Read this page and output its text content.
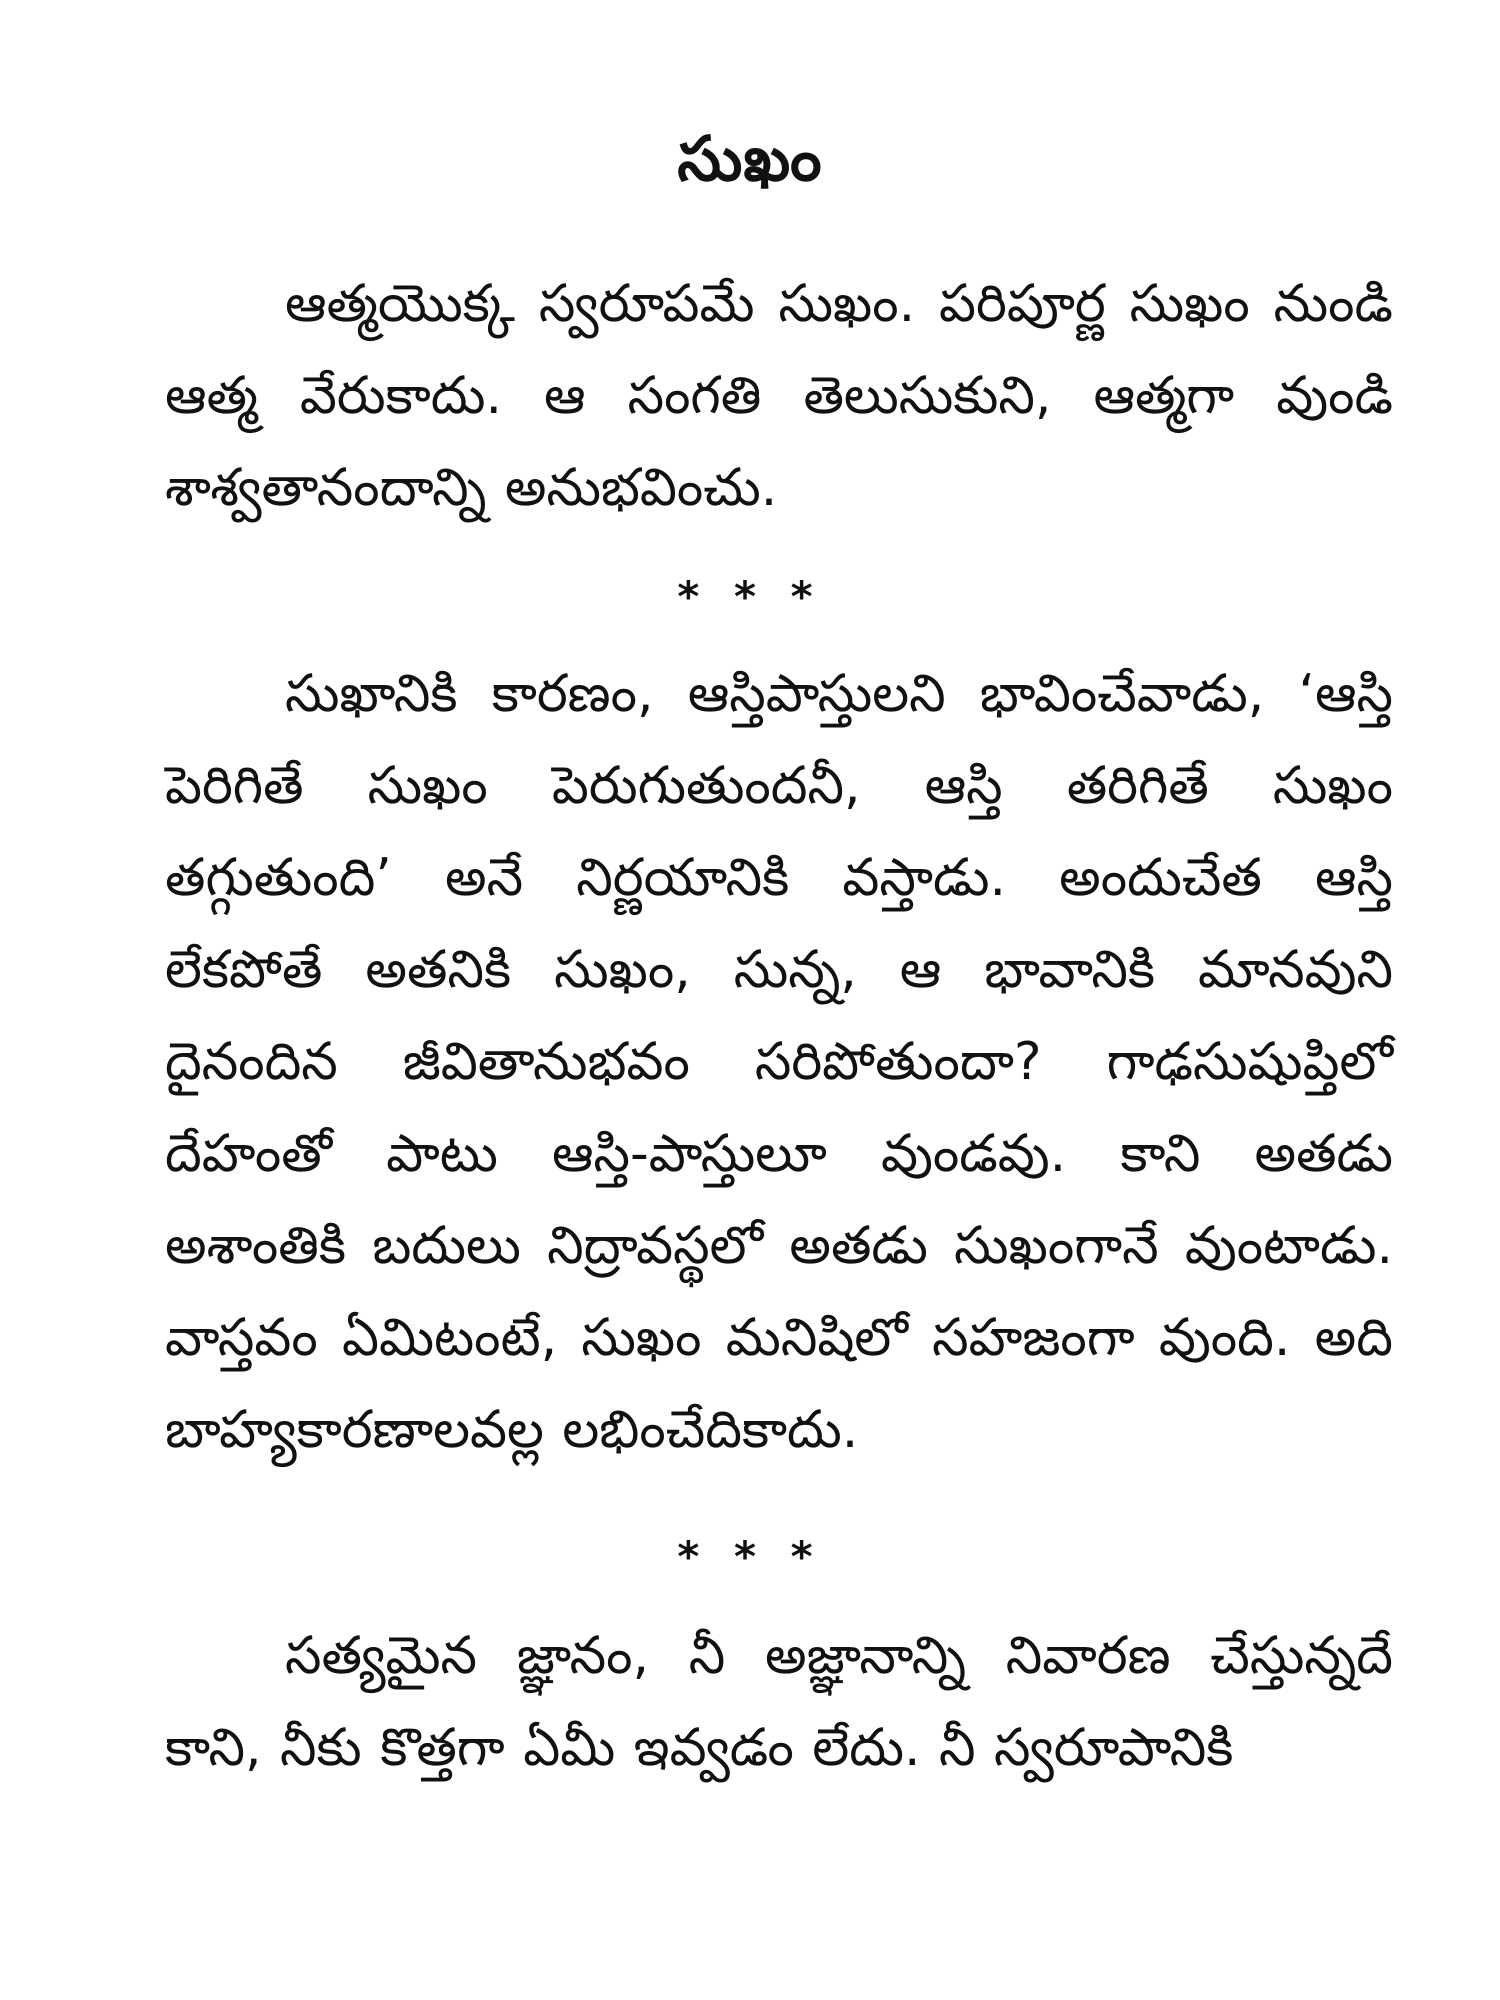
సుఖం
ఆత్మయొక్క స్వరూపమే సుఖం. పరిపూర్ణ సుఖం నుండి ఆత్మ వేరుకాదు. ఆ సంగతి తెలుసుకుని, ఆత్మగా వుండి శాశ్వతానందాన్ని అనుభవించు.
* * *
సుఖానికి కారణం, ఆస్తిపాస్తులని భావించేవాడు, ‘ఆస్తి పెరిగితే సుఖం పెరుగుతుందనీ, ఆస్తి తరిగితే సుఖం తగ్గుతుంది’ అనే నిర్ణయానికి వస్తాడు. అందుచేత ఆస్తి లేకపోతే అతనికి సుఖం, సున్న, ఆ భావానికి మానవుని దైనందిన జీవితానుభవం సరిపోతుందా? గాఢసుషుప్తిలో దేహంతో పాటు ఆస్తి-పాస్తులూ వుండవు. కాని అతడు అశాంతికి బదులు నిద్రావస్థలో అతడు సుఖంగానే వుంటాడు. వాస్తవం ఏమిటంటే, సుఖం మనిషిలో సహజంగా వుంది. అది బాహ్యకారణాలవల్ల లభించేదికాదు.
* * *
సత్యమైన జ్ఞానం, నీ అజ్ఞానాన్ని నివారణ చేస్తున్నదే కాని, నీకు కొత్తగా ఏమీ ఇవ్వడం లేదు. నీ స్వరూపానికి
